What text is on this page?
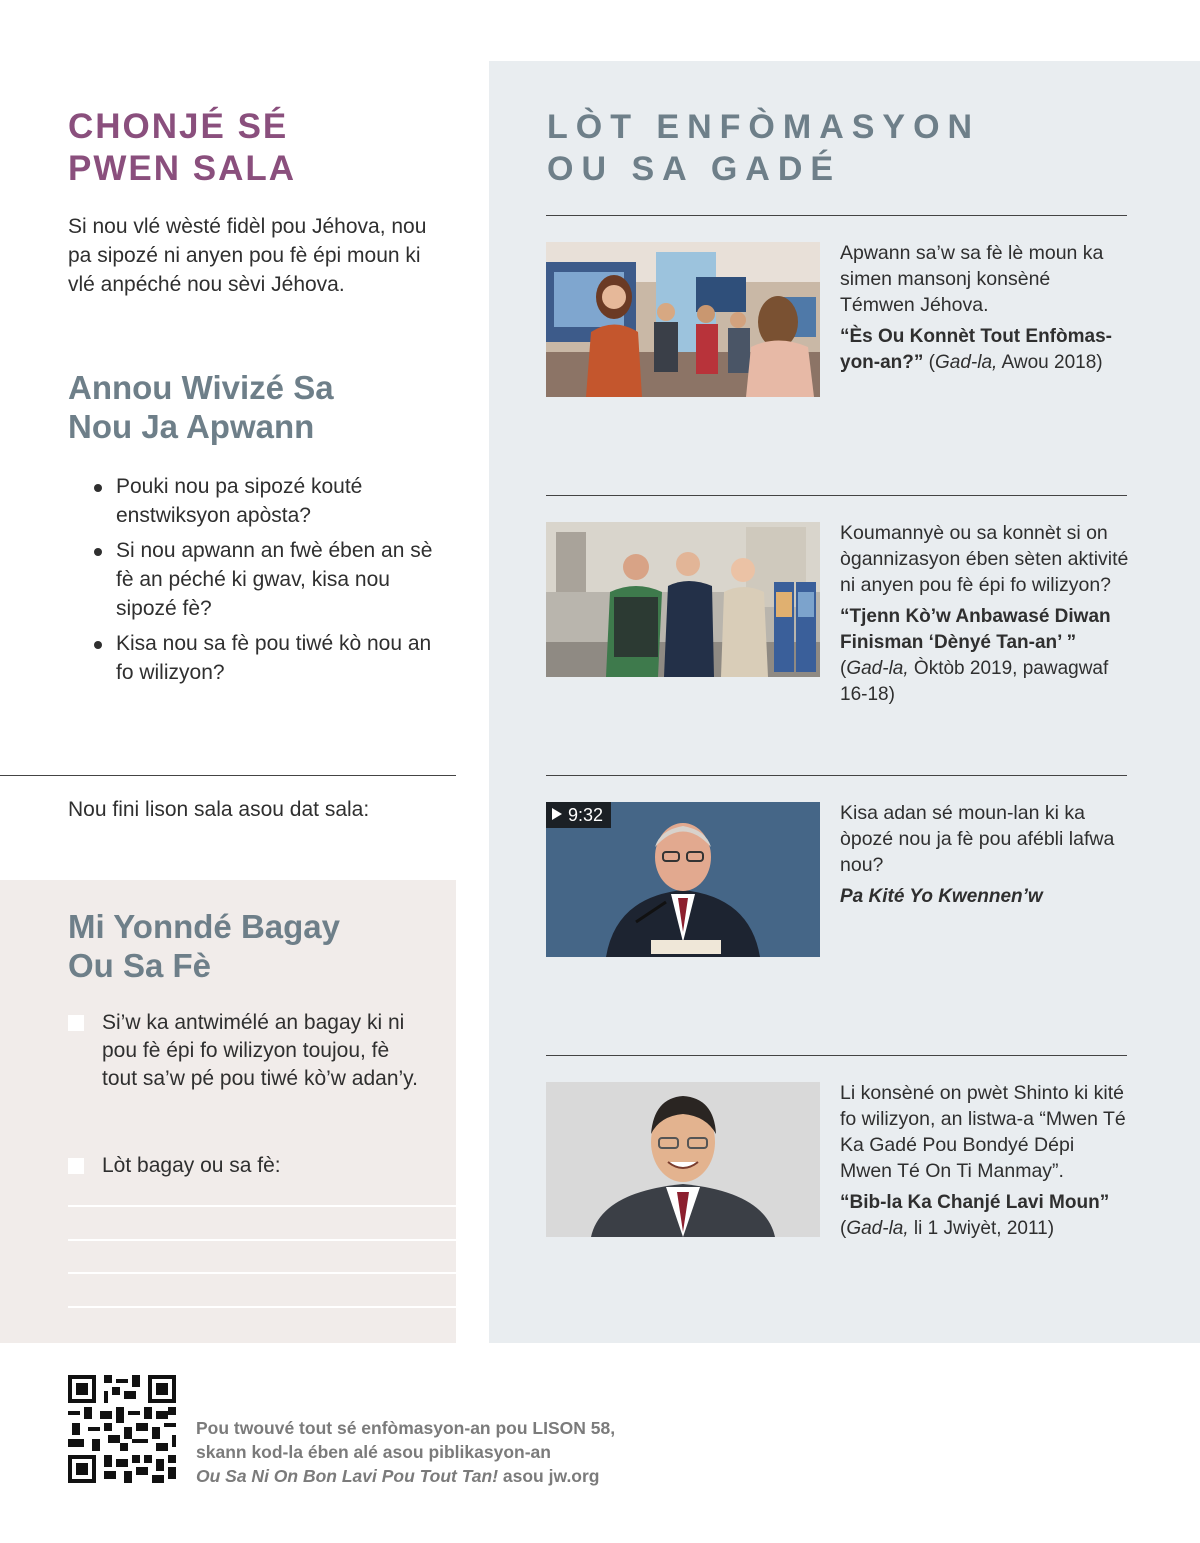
CHONJÉ SÉ
PWEN SALA

Si nou vlé wèsté fidèl pou Jéhova, nou pa sipozé ni anyen pou fè épi moun ki vlé anpéché nou sèvi Jéhova.

Annou Wivizé Sa
Nou Ja Apwann
Pouki nou pa sipozé kouté enstwiksyon apòsta?
Si nou apwann an fwè ében an sè fè an péché ki gwav, kisa nou sipozé fè?
Kisa nou sa fè pou tiwé kò nou an fo wilizyon?

Nou fini lison sala asou dat sala:

Mi Yonndé Bagay
Ou Sa Fè
Si’w ka antwimélé an bagay ki ni pou fè épi fo wilizyon toujou, fè tout sa’w pé pou tiwé kò’w adan’y.
Lòt bagay ou sa fè:
LÒT ENFÒMASYON
OU SA GADÉ

Apwann sa’w sa fè lè moun ka simen mansonj konsèné Témwen Jéhova.

“Ès Ou Konnèt Tout Enfòmasyon-an?” (Gad-la, Awou 2018)

Koumannyè ou sa konnèt si on ògannizasyon ében sèten aktivité ni anyen pou fè épi fo wilizyon?

“Tjenn Kò’w Anbawasé Diwan Finisman ‘Dènyé Tan-an’ ”
(Gad-la, Òktòb 2019, pawagwaf 16-18)

9:32	Kisa adan sé moun-lan ki ka òpozé nou ja fè pou afébli lafwa nou?

Pa Kité Yo Kwennen’w

Li konsèné on pwèt Shinto ki kité fo wilizyon, an listwa-a “Mwen Té Ka Gadé Pou Bondyé Dépi Mwen Té On Ti Manmay”.

“Bib-la Ka Chanjé Lavi Moun”
(Gad-la, li 1 Jwiyèt, 2011)

Pou twouvé tout sé enfòmasyon-an pou LISON 58,
skann kod-la ében alé asou piblikasyon-an
Ou Sa Ni On Bon Lavi Pou Tout Tan! asou jw.org
